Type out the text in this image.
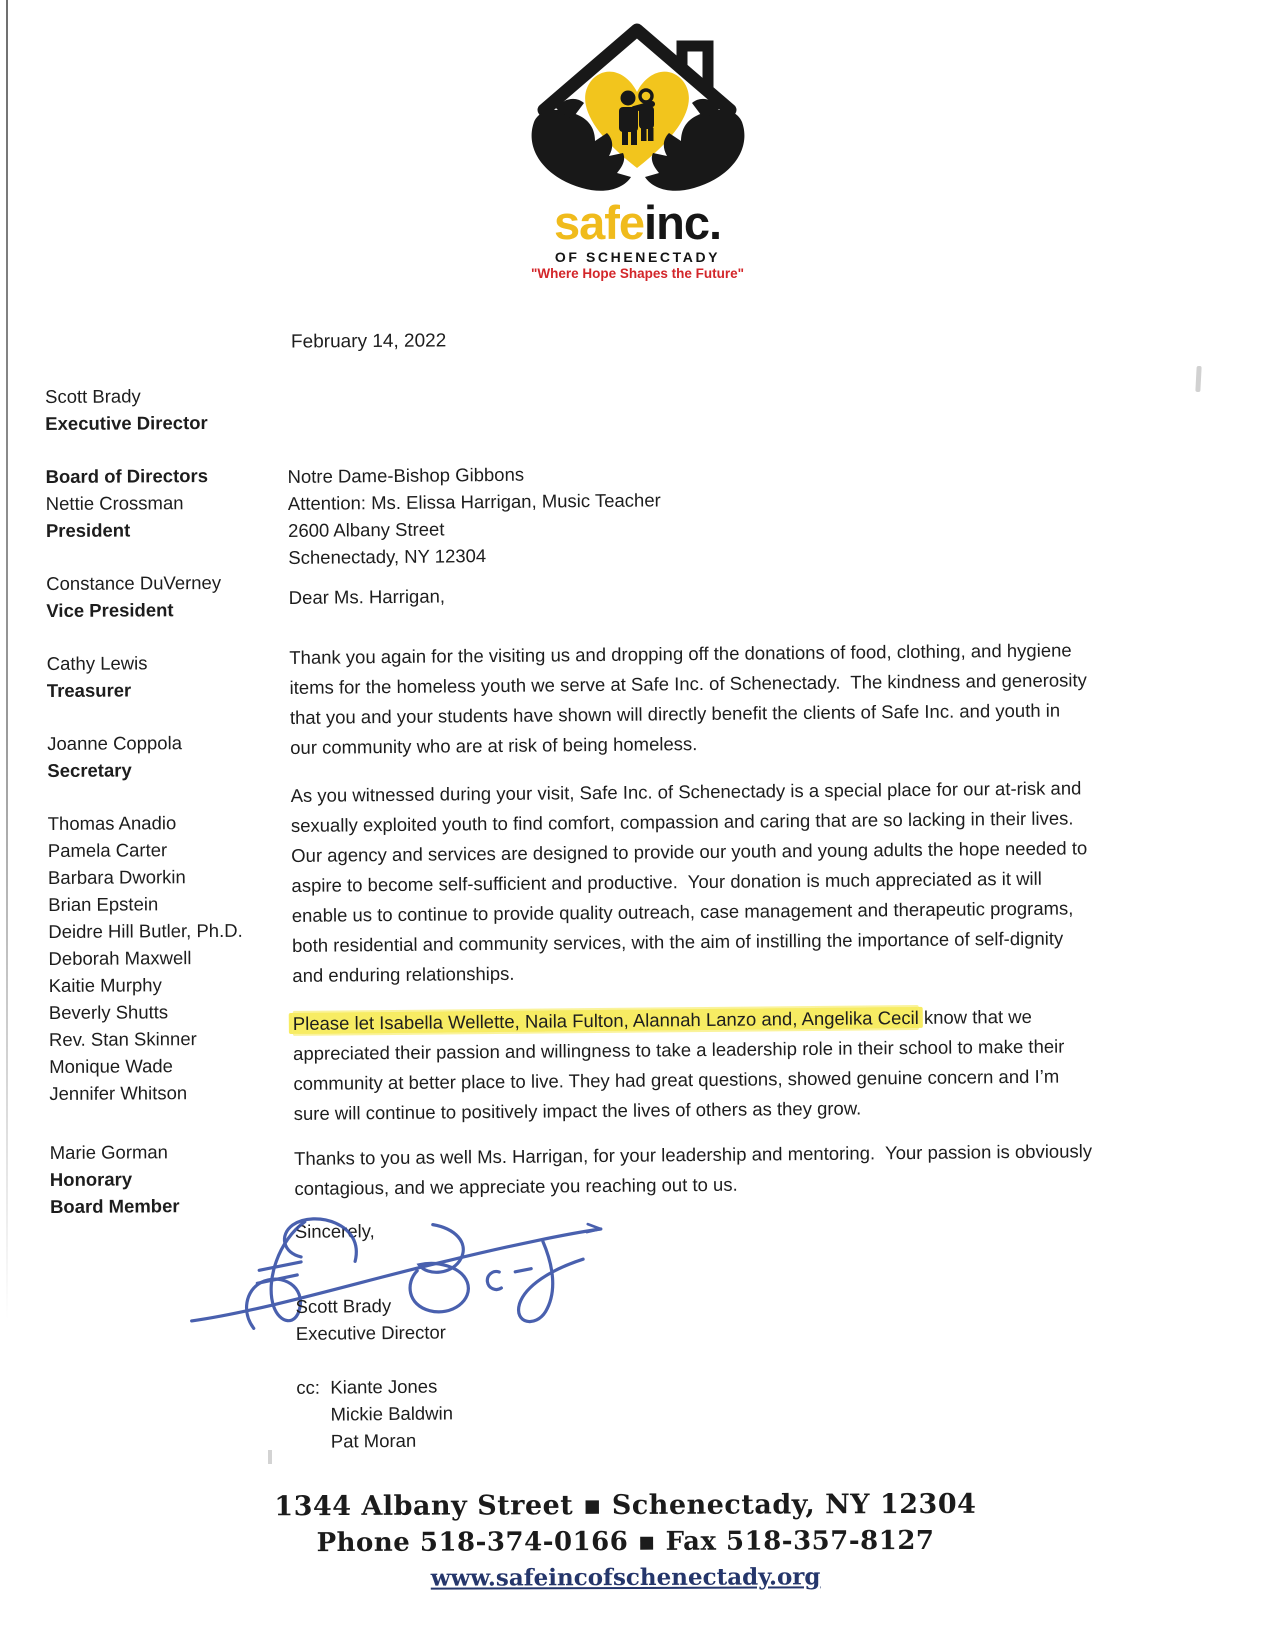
safeinc.
OF SCHENECTADY
"Where Hope Shapes the Future"
February 14, 2022
Scott Brady
Executive Director
Board of Directors
Nettie Crossman
President
Constance DuVerney
Vice President
Cathy Lewis
Treasurer
Joanne Coppola
Secretary
Thomas Anadio
Pamela Carter
Barbara Dworkin
Brian Epstein
Deidre Hill Butler, Ph.D.
Deborah Maxwell
Kaitie Murphy
Beverly Shutts
Rev. Stan Skinner
Monique Wade
Jennifer Whitson
Marie Gorman
Honorary
Board Member
Notre Dame-Bishop Gibbons
Attention: Ms. Elissa Harrigan, Music Teacher
2600 Albany Street
Schenectady, NY 12304
Dear Ms. Harrigan,
Thank you again for the visiting us and dropping off the donations of food, clothing, and hygiene
items for the homeless youth we serve at Safe Inc. of Schenectady.  The kindness and generosity
that you and your students have shown will directly benefit the clients of Safe Inc. and youth in
our community who are at risk of being homeless.
As you witnessed during your visit, Safe Inc. of Schenectady is a special place for our at-risk and
sexually exploited youth to find comfort, compassion and caring that are so lacking in their lives.
Our agency and services are designed to provide our youth and young adults the hope needed to
aspire to become self-sufficient and productive.  Your donation is much appreciated as it will
enable us to continue to provide quality outreach, case management and therapeutic programs,
both residential and community services, with the aim of instilling the importance of self-dignity
and enduring relationships.
Please let Isabella Wellette, Naila Fulton, Alannah Lanzo and, Angelika Cecil know that we
appreciated their passion and willingness to take a leadership role in their school to make their
community at better place to live. They had great questions, showed genuine concern and I’m
sure will continue to positively impact the lives of others as they grow.
Thanks to you as well Ms. Harrigan, for your leadership and mentoring.  Your passion is obviously
contagious, and we appreciate you reaching out to us.
Sincerely,
Scott Brady
Executive Director
cc: Kiante Jones
Mickie Baldwin
Pat Moran
1344 Albany Street ▪ Schenectady, NY 12304
Phone 518-374-0166 ▪ Fax 518-357-8127
www.safeincofschenectady.org
